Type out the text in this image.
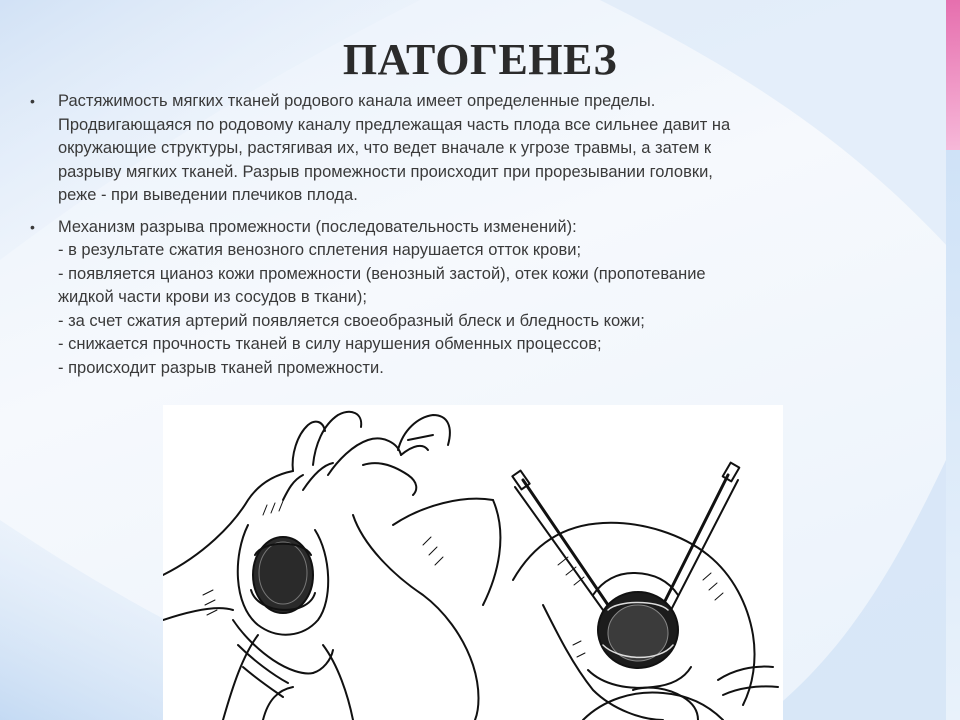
ПАТОГЕНЕЗ
• Растяжимость мягких тканей родового канала имеет определенные пределы.
Продвигающаяся по родовому каналу предлежащая часть плода все сильнее давит на
окружающие структуры, растягивая их, что ведет вначале к угрозе травмы, а затем к
разрыву мягких тканей. Разрыв промежности происходит при прорезывании головки,
реже - при выведении плечиков плода.
• Механизм разрыва промежности (последовательность изменений):
- в результате сжатия венозного сплетения нарушается отток крови;
- появляется цианоз кожи промежности (венозный застой), отек кожи (пропотевание
жидкой части крови из сосудов в ткани);
- за счет сжатия артерий появляется своеобразный блеск и бледность кожи;
- снижается прочность тканей в силу нарушения обменных процессов;
- происходит разрыв тканей промежности.
